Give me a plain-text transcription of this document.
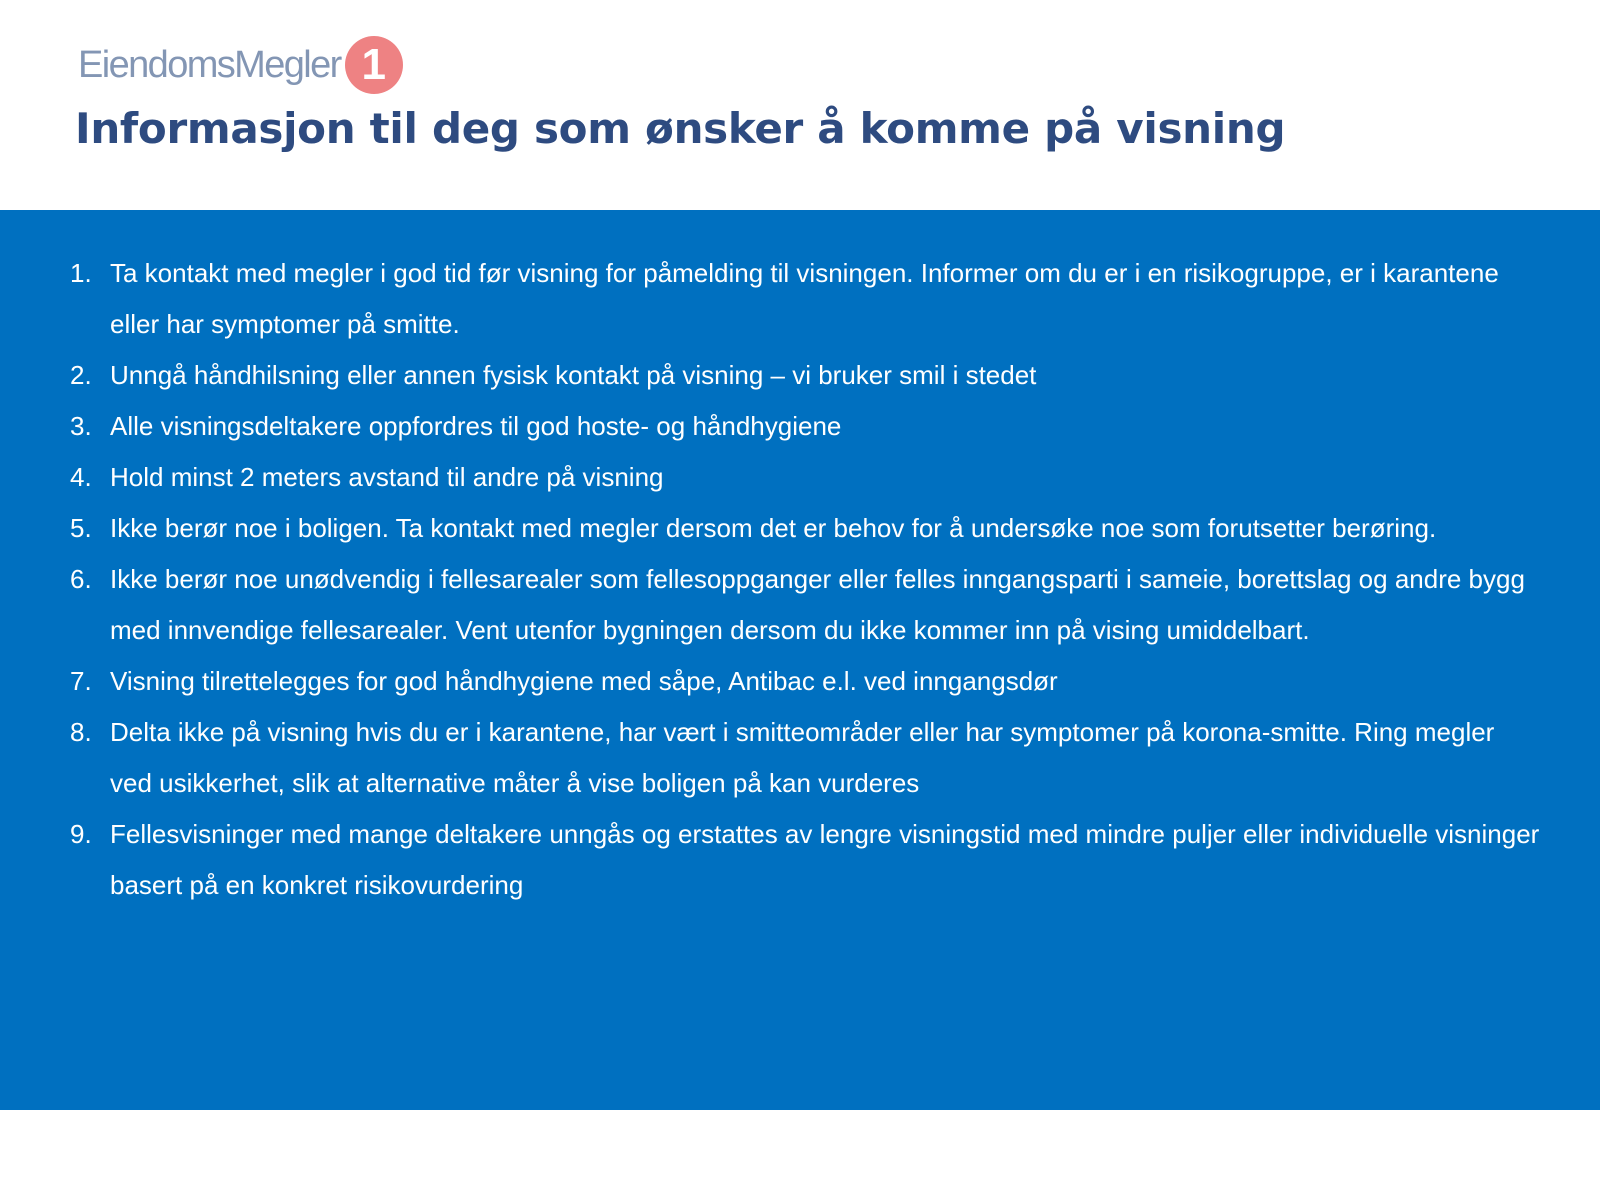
EiendomsMegler 1
Informasjon til deg som ønsker å komme på visning
1. Ta kontakt med megler i god tid før visning for påmelding til visningen. Informer om du er i en risikogruppe, er i karantene eller har symptomer på smitte.
2. Unngå håndhilsning eller annen fysisk kontakt på visning – vi bruker smil i stedet
3. Alle visningsdeltakere oppfordres til god hoste- og håndhygiene
4. Hold minst 2 meters avstand til andre på visning
5. Ikke berør noe i boligen. Ta kontakt med megler dersom det er behov for å undersøke noe som forutsetter berøring.
6. Ikke berør noe unødvendig i fellesarealer som fellesoppganger eller felles inngangsparti i sameie, borettslag og andre bygg med innvendige fellesarealer. Vent utenfor bygningen dersom du ikke kommer inn på vising umiddelbart.
7. Visning tilrettelegges for god håndhygiene med såpe, Antibac e.l. ved inngangsdør
8. Delta ikke på visning hvis du er i karantene, har vært i smitteområder eller har symptomer på korona-smitte. Ring megler ved usikkerhet, slik at alternative måter å vise boligen på kan vurderes
9. Fellesvisninger med mange deltakere unngås og erstattes av lengre visningstid med mindre puljer eller individuelle visninger basert på en konkret risikovurdering
